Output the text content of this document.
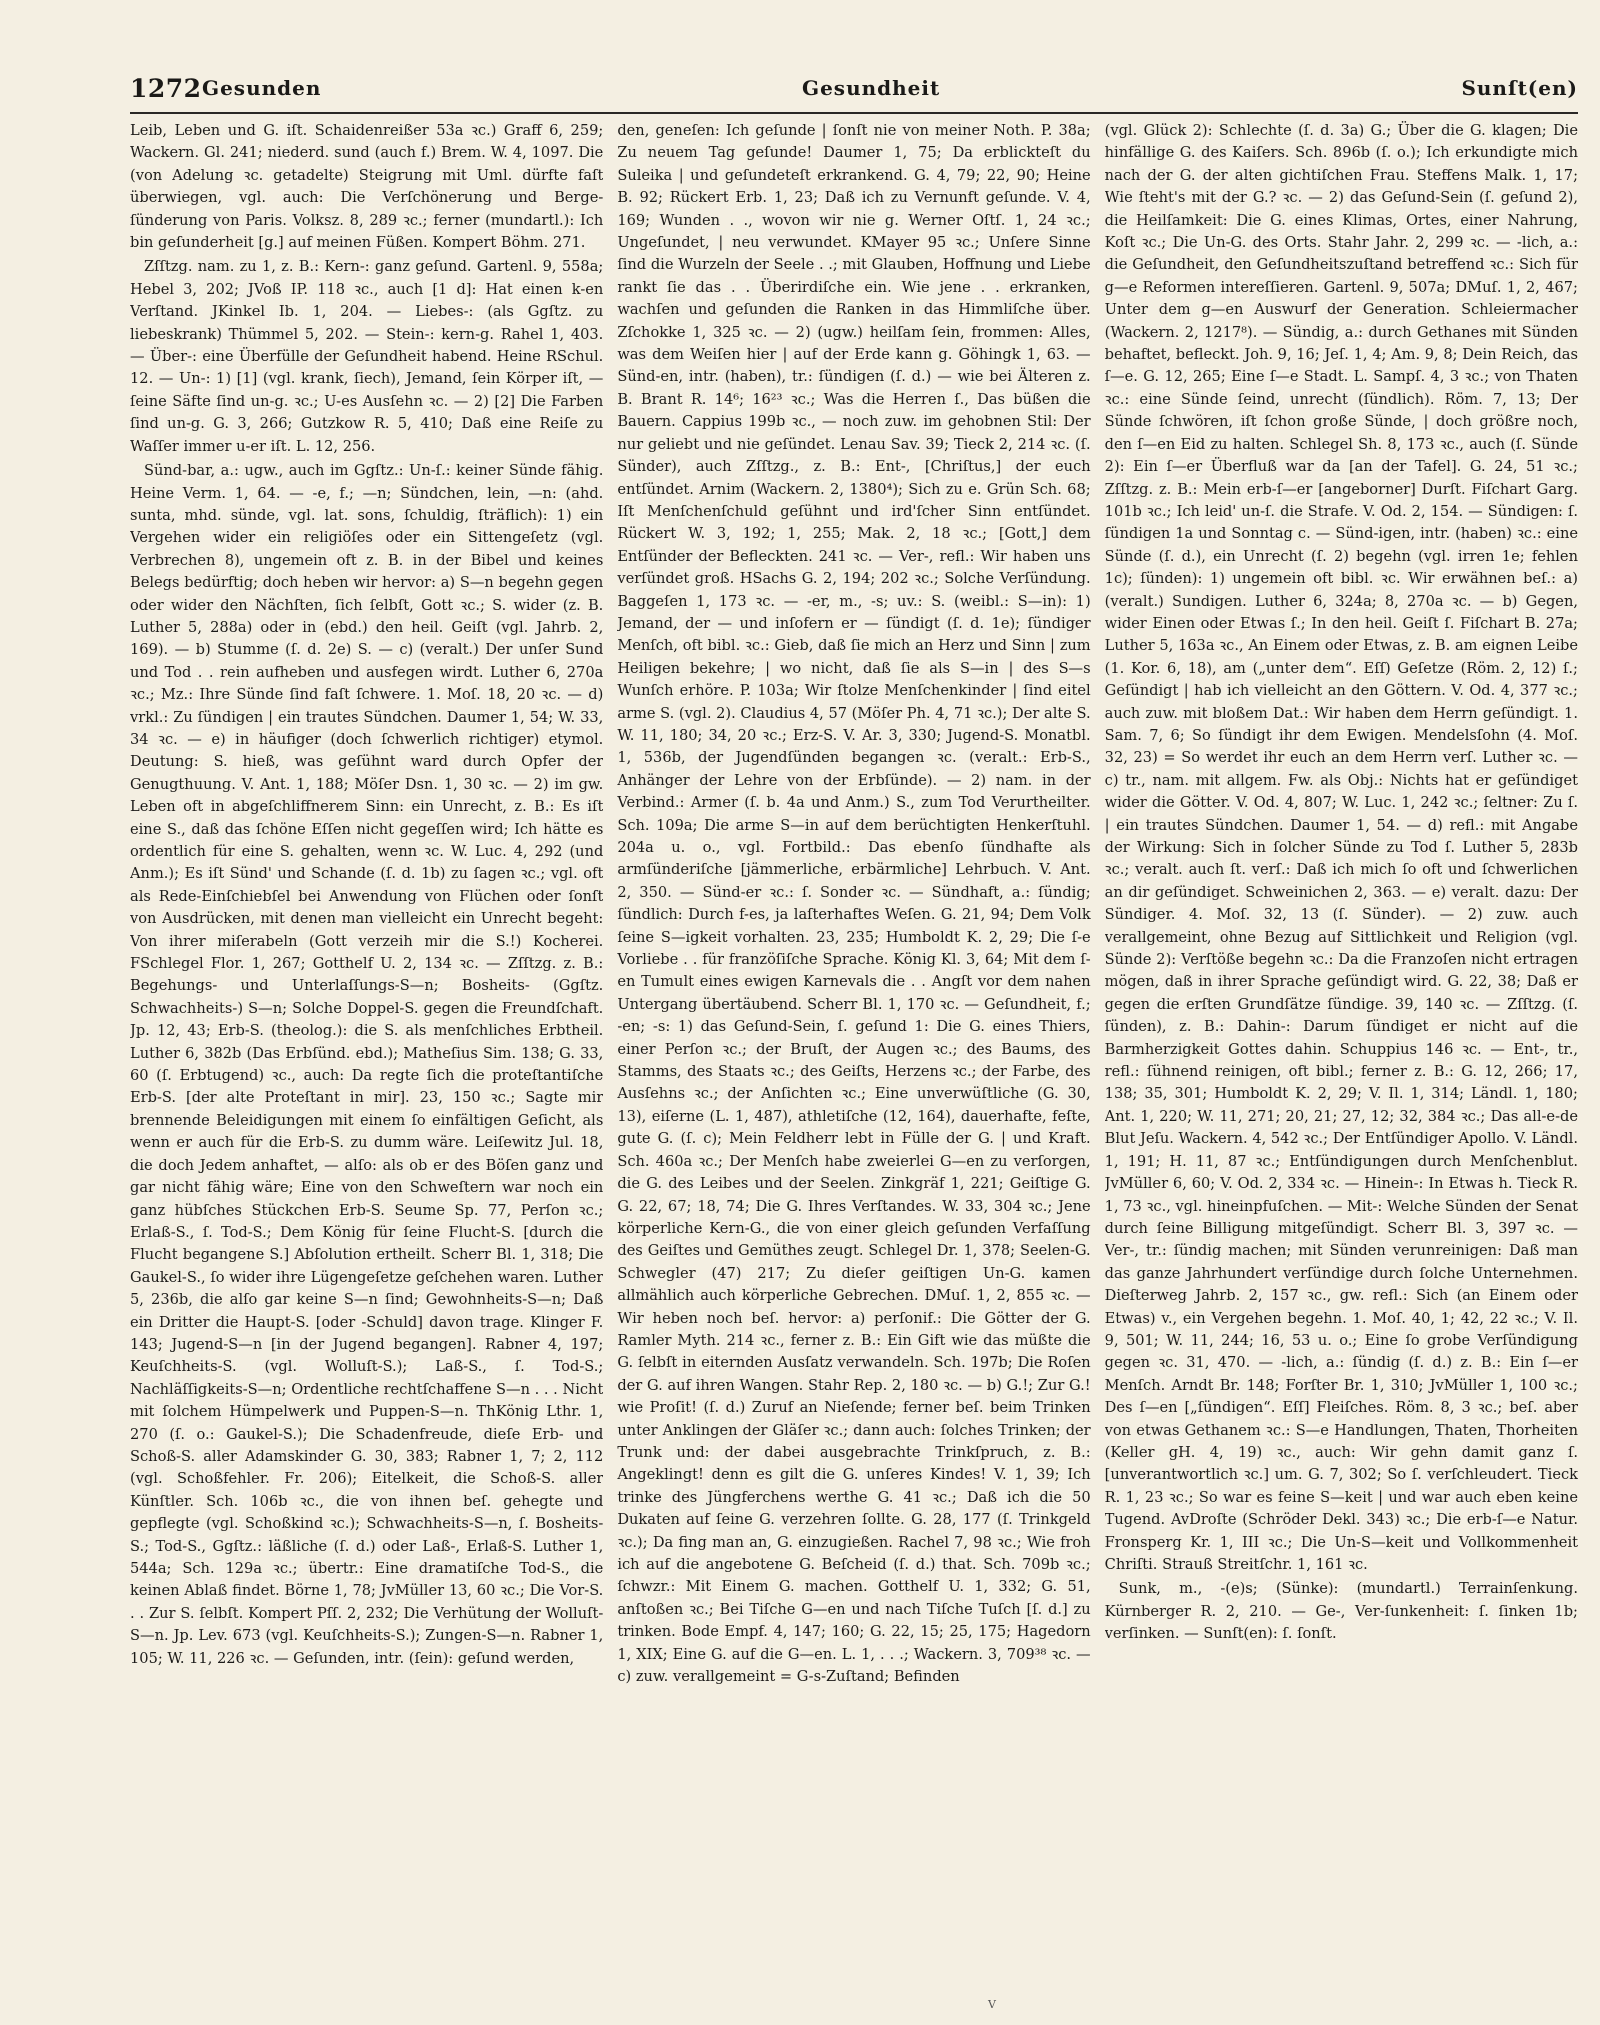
1272 Gesunden	Gesundheit	Sunſt(en)

Leib, Leben und G. iſt. Schaidenreißer 53a ꝛc.) Graff 6, 259; Wackern. Gl. 241; niederd. sund (auch f.) Brem. W. 4, 1097. Die (von Adelung ꝛc. getadelte) Steigrung mit Uml. dürfte faſt überwiegen, vgl. auch: Die Verſchönerung und Berge-ſünderung von Paris. Volksz. 8, 289 ꝛc.; ferner (mundartl.): Ich bin geſunderheit [g.] auf meinen Füßen. Kompert Böhm. 271.

Zſſtzg. nam. zu 1, z. B.: Kern-: ganz geſund. Gartenl. 9, 558a; Hebel 3, 202; JVoß IP. 118 ꝛc., auch [1 d]: Hat einen k-en Verſtand. JKinkel Ib. 1, 204. — Liebes-: (als Ggſtz. zu liebeskrank) Thümmel 5, 202. — Stein-: kern-g. Rahel 1, 403. — Über-: eine Überfülle der Geſundheit habend. Heine RSchul. 12. — Un-: 1) [1] (vgl. krank, ſiech), Jemand, ſein Körper iſt, — ſeine Säfte ſind un-g. ꝛc.; U-es Ausſehn ꝛc. — 2) [2] Die Farben ſind un-g. G. 3, 266; Gutzkow R. 5, 410; Daß eine Reiſe zu Waſſer immer u-er iſt. L. 12, 256.

Sünd-bar, a.: ugw., auch im Ggſtz.: Un-ſ.: keiner Sünde fähig. Heine Verm. 1, 64. — -e, f.; —n; Sündchen, lein, —n: (ahd. sunta, mhd. sünde, vgl. lat. sons, ſchuldig, ſträflich): 1) ein Vergehen wider ein religiöſes oder ein Sittengeſetz (vgl. Verbrechen 8), ungemein oft z. B. in der Bibel und keines Belegs bedürftig; doch heben wir hervor: a) S—n begehn gegen oder wider den Nächſten, ſich ſelbſt, Gott ꝛc.; S. wider (z. B. Luther 5, 288a) oder in (ebd.) den heil. Geiſt (vgl. Jahrb. 2, 169). — b) Stumme (ſ. d. 2e) S. — c) (veralt.) Der unſer Sund und Tod . . rein aufheben und ausfegen wirdt. Luther 6, 270a ꝛc.; Mz.: Ihre Sünde ſind faſt ſchwere. 1. Moſ. 18, 20 ꝛc. — d) vrkl.: Zu ſündigen | ein trautes Sündchen. Daumer 1, 54; W. 33, 34 ꝛc. — e) in häufiger (doch ſchwerlich richtiger) etymol. Deutung: S. hieß, was geſühnt ward durch Opfer der Genugthuung. V. Ant. 1, 188; Möſer Dsn. 1, 30 ꝛc. — 2) im gw. Leben oft in abgeſchliffnerem Sinn: ein Unrecht, z. B.: Es iſt eine S., daß das ſchöne Eſſen nicht gegeſſen wird; Ich hätte es ordentlich für eine S. gehalten, wenn ꝛc. W. Luc. 4, 292 (und Anm.); Es iſt Sünd' und Schande (ſ. d. 1b) zu ſagen ꝛc.; vgl. oft als Rede-Einſchiebſel bei Anwendung von Flüchen oder ſonſt von Ausdrücken, mit denen man vielleicht ein Unrecht begeht: Von ihrer miſerabeln (Gott verzeih mir die S.!) Kocherei. FSchlegel Flor. 1, 267; Gotthelf U. 2, 134 ꝛc. — Zſſtzg. z. B.: Begehungs- und Unterlaſſungs-S—n; Bosheits- (Ggſtz. Schwachheits-) S—n; Solche Doppel-S. gegen die Freundſchaft. Jp. 12, 43; Erb-S. (theolog.): die S. als menſchliches Erbtheil. Luther 6, 382b (Das Erbſünd. ebd.); Matheſius Sim. 138; G. 33, 60 (ſ. Erbtugend) ꝛc., auch: Da regte ſich die proteſtantiſche Erb-S. [der alte Proteſtant in mir]. 23, 150 ꝛc.; Sagte mir brennende Beleidigungen mit einem ſo einfältigen Geſicht, als wenn er auch für die Erb-S. zu dumm wäre. Leiſewitz Jul. 18, die doch Jedem anhaftet, — alſo: als ob er des Böſen ganz und gar nicht fähig wäre; Eine von den Schweſtern war noch ein ganz hübſches Stückchen Erb-S. Seume Sp. 77, Perſon ꝛc.; Erlaß-S., ſ. Tod-S.; Dem König für ſeine Flucht-S. [durch die Flucht begangene S.] Abſolution ertheilt. Scherr Bl. 1, 318; Die Gaukel-S., ſo wider ihre Lügengeſetze geſchehen waren. Luther 5, 236b, die alſo gar keine S—n ſind; Gewohnheits-S—n; Daß ein Dritter die Haupt-S. [oder -Schuld] davon trage. Klinger F. 143; Jugend-S—n [in der Jugend begangen]. Rabner 4, 197; Keuſchheits-S. (vgl. Wolluſt-S.); Laß-S., ſ. Tod-S.; Nachläſſigkeits-S—n; Ordentliche rechtſchaffene S—n . . . Nicht mit ſolchem Hümpelwerk und Puppen-S—n. ThKönig Lthr. 1, 270 (ſ. o.: Gaukel-S.); Die Schadenfreude, dieſe Erb- und Schoß-S. aller Adamskinder G. 30, 383; Rabner 1, 7; 2, 112 (vgl. Schoßfehler. Fr. 206); Eitelkeit, die Schoß-S. aller Künſtler. Sch. 106b ꝛc., die von ihnen beſ. gehegte und gepflegte (vgl. Schoßkind ꝛc.); Schwachheits-S—n, ſ. Bosheits-S.; Tod-S., Ggſtz.: läßliche (ſ. d.) oder Laß-, Erlaß-S. Luther 1, 544a; Sch. 129a ꝛc.; übertr.: Eine dramatiſche Tod-S., die keinen Ablaß findet. Börne 1, 78; JvMüller 13, 60 ꝛc.; Die Vor-S. . . Zur S. ſelbſt. Kompert Pſſ. 2, 232; Die Verhütung der Wolluſt-S—n. Jp. Lev. 673 (vgl. Keuſchheits-S.); Zungen-S—n. Rabner 1, 105; W. 11, 226 ꝛc. — Geſunden, intr. (ſein): geſund werden,

den, geneſen: Ich geſunde | ſonſt nie von meiner Noth. P. 38a; Zu neuem Tag geſunde! Daumer 1, 75; Da erblickteſt du Suleika | und geſundeteſt erkrankend. G. 4, 79; 22, 90; Heine B. 92; Rückert Erb. 1, 23; Daß ich zu Vernunft geſunde. V. 4, 169; Wunden . ., wovon wir nie g. Werner Oſtſ. 1, 24 ꝛc.; Ungeſundet, | neu verwundet. KMayer 95 ꝛc.; Unſere Sinne ſind die Wurzeln der Seele . .; mit Glauben, Hoffnung und Liebe rankt ſie das . . Überirdiſche ein. Wie jene . . erkranken, wachſen und geſunden die Ranken in das Himmliſche über. Zſchokke 1, 325 ꝛc. — 2) (ugw.) heilſam ſein, frommen: Alles, was dem Weiſen hier | auf der Erde kann g. Göhingk 1, 63. — Sünd-en, intr. (haben), tr.: ſündigen (ſ. d.) — wie bei Älteren z. B. Brant R. 14⁶; 16²³ ꝛc.; Was die Herren ſ., Das büßen die Bauern. Cappius 199b ꝛc., — noch zuw. im gehobnen Stil: Der nur geliebt und nie geſündet. Lenau Sav. 39; Tieck 2, 214 ꝛc. (ſ. Sünder), auch Zſſtzg., z. B.: Ent-, [Chriſtus,] der euch entſündet. Arnim (Wackern. 2, 1380⁴); Sich zu e. Grün Sch. 68; Iſt Menſchenſchuld geſühnt und ird'ſcher Sinn entſündet. Rückert W. 3, 192; 1, 255; Mak. 2, 18 ꝛc.; [Gott,] dem Entſünder der Befleckten. 241 ꝛc. — Ver-, refl.: Wir haben uns verſündet groß. HSachs G. 2, 194; 202 ꝛc.; Solche Verſündung. Baggeſen 1, 173 ꝛc. — -er, m., -s; uv.: S. (weibl.: S—in): 1) Jemand, der — und inſofern er — ſündigt (ſ. d. 1e); ſündiger Menſch, oft bibl. ꝛc.: Gieb, daß ſie mich an Herz und Sinn | zum Heiligen bekehre; | wo nicht, daß ſie als S—in | des S—s Wunſch erhöre. P. 103a; Wir ſtolze Menſchenkinder | ſind eitel arme S. (vgl. 2). Claudius 4, 57 (Möſer Ph. 4, 71 ꝛc.); Der alte S. W. 11, 180; 34, 20 ꝛc.; Erz-S. V. Ar. 3, 330; Jugend-S. Monatbl. 1, 536b, der Jugendſünden begangen ꝛc. (veralt.: Erb-S., Anhänger der Lehre von der Erbſünde). — 2) nam. in der Verbind.: Armer (ſ. b. 4a und Anm.) S., zum Tod Verurtheilter. Sch. 109a; Die arme S—in auf dem berüchtigten Henkerſtuhl. 204a u. o., vgl. Fortbild.: Das ebenſo ſündhafte als armſünderiſche [jämmerliche, erbärmliche] Lehrbuch. V. Ant. 2, 350. — Sünd-er ꝛc.: ſ. Sonder ꝛc. — Sündhaft, a.: ſündig; ſündlich: Durch f-es, ja laſterhaftes Weſen. G. 21, 94; Dem Volk ſeine S—igkeit vorhalten. 23, 235; Humboldt K. 2, 29; Die ſ-e Vorliebe . . für franzöſiſche Sprache. König Kl. 3, 64; Mit dem ſ-en Tumult eines ewigen Karnevals die . . Angſt vor dem nahen Untergang übertäubend. Scherr Bl. 1, 170 ꝛc. — Geſundheit, f.; -en; -s: 1) das Geſund-Sein, ſ. geſund 1: Die G. eines Thiers, einer Perſon ꝛc.; der Bruſt, der Augen ꝛc.; des Baums, des Stamms, des Staats ꝛc.; des Geiſts, Herzens ꝛc.; der Farbe, des Ausſehns ꝛc.; der Anſichten ꝛc.; Eine unverwüſtliche (G. 30, 13), eiſerne (L. 1, 487), athletiſche (12, 164), dauerhafte, feſte, gute G. (ſ. c); Mein Feldherr lebt in Fülle der G. | und Kraft. Sch. 460a ꝛc.; Der Menſch habe zweierlei G—en zu verſorgen, die G. des Leibes und der Seelen. Zinkgräf 1, 221; Geiſtige G. G. 22, 67; 18, 74; Die G. Ihres Verſtandes. W. 33, 304 ꝛc.; Jene körperliche Kern-G., die von einer gleich geſunden Verfaſſung des Geiſtes und Gemüthes zeugt. Schlegel Dr. 1, 378; Seelen-G. Schwegler (47) 217; Zu dieſer geiſtigen Un-G. kamen allmählich auch körperliche Gebrechen. DMuſ. 1, 2, 855 ꝛc. — Wir heben noch beſ. hervor: a) perſonif.: Die Götter der G. Ramler Myth. 214 ꝛc., ferner z. B.: Ein Gift wie das müßte die G. ſelbſt in eiternden Ausſatz verwandeln. Sch. 197b; Die Roſen der G. auf ihren Wangen. Stahr Rep. 2, 180 ꝛc. — b) G.!; Zur G.! wie Proſit! (ſ. d.) Zuruf an Nieſende; ferner beſ. beim Trinken unter Anklingen der Gläſer ꝛc.; dann auch: ſolches Trinken; der Trunk und: der dabei ausgebrachte Trinkſpruch, z. B.: Angeklingt! denn es gilt die G. unſeres Kindes! V. 1, 39; Ich trinke des Jüngferchens werthe G. 41 ꝛc.; Daß ich die 50 Dukaten auf ſeine G. verzehren ſollte. G. 28, 177 (ſ. Trinkgeld ꝛc.); Da fing man an, G. einzugießen. Rachel 7, 98 ꝛc.; Wie froh ich auf die angebotene G. Beſcheid (ſ. d.) that. Sch. 709b ꝛc.; ſchwzr.: Mit Einem G. machen. Gotthelf U. 1, 332; G. 51, anſtoßen ꝛc.; Bei Tiſche G—en und nach Tiſche Tuſch [ſ. d.] zu trinken. Bode Empf. 4, 147; 160; G. 22, 15; 25, 175; Hagedorn 1, XIX; Eine G. auf die G—en. L. 1, . . .; Wackern. 3, 709³⁸ ꝛc. — c) zuw. verallgemeint = G-s-Zuſtand; Befinden

(vgl. Glück 2): Schlechte (ſ. d. 3a) G.; Über die G. klagen; Die hinfällige G. des Kaiſers. Sch. 896b (ſ. o.); Ich erkundigte mich nach der G. der alten gichtiſchen Frau. Steffens Malk. 1, 17; Wie ſteht's mit der G.? ꝛc. — 2) das Geſund-Sein (ſ. geſund 2), die Heilſamkeit: Die G. eines Klimas, Ortes, einer Nahrung, Koſt ꝛc.; Die Un-G. des Orts. Stahr Jahr. 2, 299 ꝛc. — -lich, a.: die Geſundheit, den Geſundheitszuſtand betreffend ꝛc.: Sich für g—e Reformen intereſſieren. Gartenl. 9, 507a; DMuſ. 1, 2, 467; Unter dem g—en Auswurf der Generation. Schleiermacher (Wackern. 2, 1217⁸). — Sündig, a.: durch Gethanes mit Sünden behaftet, befleckt. Joh. 9, 16; Jeſ. 1, 4; Am. 9, 8; Dein Reich, das ſ—e. G. 12, 265; Eine ſ—e Stadt. L. Sampſ. 4, 3 ꝛc.; von Thaten ꝛc.: eine Sünde ſeind, unrecht (ſündlich). Röm. 7, 13; Der Sünde ſchwören, iſt ſchon große Sünde, | doch größre noch, den ſ—en Eid zu halten. Schlegel Sh. 8, 173 ꝛc., auch (ſ. Sünde 2): Ein ſ—er Überfluß war da [an der Tafel]. G. 24, 51 ꝛc.; Zſſtzg. z. B.: Mein erb-ſ—er [angeborner] Durſt. Fiſchart Garg. 101b ꝛc.; Ich leid' un-ſ. die Strafe. V. Od. 2, 154. — Sündigen: ſ. ſündigen 1a und Sonntag c. — Sünd-igen, intr. (haben) ꝛc.: eine Sünde (ſ. d.), ein Unrecht (ſ. 2) begehn (vgl. irren 1e; fehlen 1c); ſünden): 1) ungemein oft bibl. ꝛc. Wir erwähnen beſ.: a) (veralt.) Sundigen. Luther 6, 324a; 8, 270a ꝛc. — b) Gegen, wider Einen oder Etwas ſ.; In den heil. Geiſt ſ. Fiſchart B. 27a; Luther 5, 163a ꝛc., An Einem oder Etwas, z. B. am eignen Leibe (1. Kor. 6, 18), am („unter dem“. Eſſ) Geſetze (Röm. 2, 12) ſ.; Geſündigt | hab ich vielleicht an den Göttern. V. Od. 4, 377 ꝛc.; auch zuw. mit bloßem Dat.: Wir haben dem Herrn geſündigt. 1. Sam. 7, 6; So ſündigt ihr dem Ewigen. Mendelsſohn (4. Moſ. 32, 23) = So werdet ihr euch an dem Herrn verſ. Luther ꝛc. — c) tr., nam. mit allgem. Fw. als Obj.: Nichts hat er geſündiget wider die Götter. V. Od. 4, 807; W. Luc. 1, 242 ꝛc.; ſeltner: Zu ſ. | ein trautes Sündchen. Daumer 1, 54. — d) refl.: mit Angabe der Wirkung: Sich in ſolcher Sünde zu Tod ſ. Luther 5, 283b ꝛc.; veralt. auch ſt. verſ.: Daß ich mich ſo oft und ſchwerlichen an dir geſündiget. Schweinichen 2, 363. — e) veralt. dazu: Der Sündiger. 4. Moſ. 32, 13 (ſ. Sünder). — 2) zuw. auch verallgemeint, ohne Bezug auf Sittlichkeit und Religion (vgl. Sünde 2): Verſtöße begehn ꝛc.: Da die Franzoſen nicht ertragen mögen, daß in ihrer Sprache geſündigt wird. G. 22, 38; Daß er gegen die erſten Grundſätze ſündige. 39, 140 ꝛc. — Zſſtzg. (ſ. ſünden), z. B.: Dahin-: Darum ſündiget er nicht auf die Barmherzigkeit Gottes dahin. Schuppius 146 ꝛc. — Ent-, tr., refl.: ſühnend reinigen, oft bibl.; ferner z. B.: G. 12, 266; 17, 138; 35, 301; Humboldt K. 2, 29; V. Il. 1, 314; Ländl. 1, 180; Ant. 1, 220; W. 11, 271; 20, 21; 27, 12; 32, 384 ꝛc.; Das all-e-de Blut Jeſu. Wackern. 4, 542 ꝛc.; Der Entſündiger Apollo. V. Ländl. 1, 191; H. 11, 87 ꝛc.; Entſündigungen durch Menſchenblut. JvMüller 6, 60; V. Od. 2, 334 ꝛc. — Hinein-: In Etwas h. Tieck R. 1, 73 ꝛc., vgl. hineinpfuſchen. — Mit-: Welche Sünden der Senat durch ſeine Billigung mitgeſündigt. Scherr Bl. 3, 397 ꝛc. — Ver-, tr.: ſündig machen; mit Sünden verunreinigen: Daß man das ganze Jahrhundert verſündige durch ſolche Unternehmen. Dieſterweg Jahrb. 2, 157 ꝛc., gw. refl.: Sich (an Einem oder Etwas) v., ein Vergehen begehn. 1. Moſ. 40, 1; 42, 22 ꝛc.; V. Il. 9, 501; W. 11, 244; 16, 53 u. o.; Eine ſo grobe Verſündigung gegen ꝛc. 31, 470. — -lich, a.: ſündig (ſ. d.) z. B.: Ein ſ—er Menſch. Arndt Br. 148; Forſter Br. 1, 310; JvMüller 1, 100 ꝛc.; Des ſ—en [„ſündigen“. Eſſ] Fleiſches. Röm. 8, 3 ꝛc.; beſ. aber von etwas Gethanem ꝛc.: S—e Handlungen, Thaten, Thorheiten (Keller gH. 4, 19) ꝛc., auch: Wir gehn damit ganz ſ. [unverantwortlich ꝛc.] um. G. 7, 302; So ſ. verſchleudert. Tieck R. 1, 23 ꝛc.; So war es feine S—keit | und war auch eben keine Tugend. AvDroſte (Schröder Dekl. 343) ꝛc.; Die erb-ſ—e Natur. Fronsperg Kr. 1, III ꝛc.; Die Un-S—keit und Vollkommenheit Chriſti. Strauß Streitſchr. 1, 161 ꝛc.

Sunk, m., -(e)s; (Sünke): (mundartl.) Terrainſenkung. Kürnberger R. 2, 210. — Ge-, Ver-ſunkenheit: ſ. ſinken 1b; verſinken. — Sunſt(en): ſ. ſonſt.

V
